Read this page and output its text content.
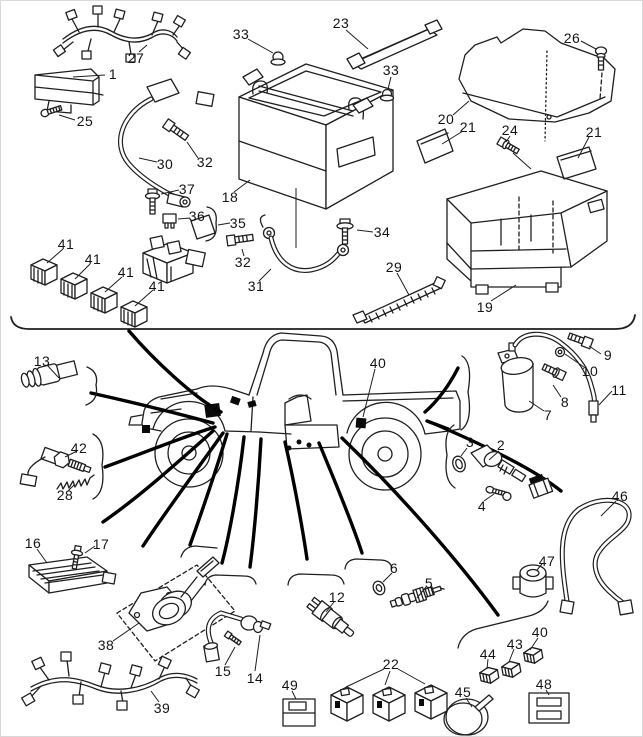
27
1
25
33
23
33
26
20 21 24	21
30 32
37
36 35
18
32
31
34
29
19
41
41
41
41
40	9
10
11
8
7
3 2
4
46
47
13
42
28
16	17
38
39
15 14
12
6
5
49
22
45	48
44
43
40
